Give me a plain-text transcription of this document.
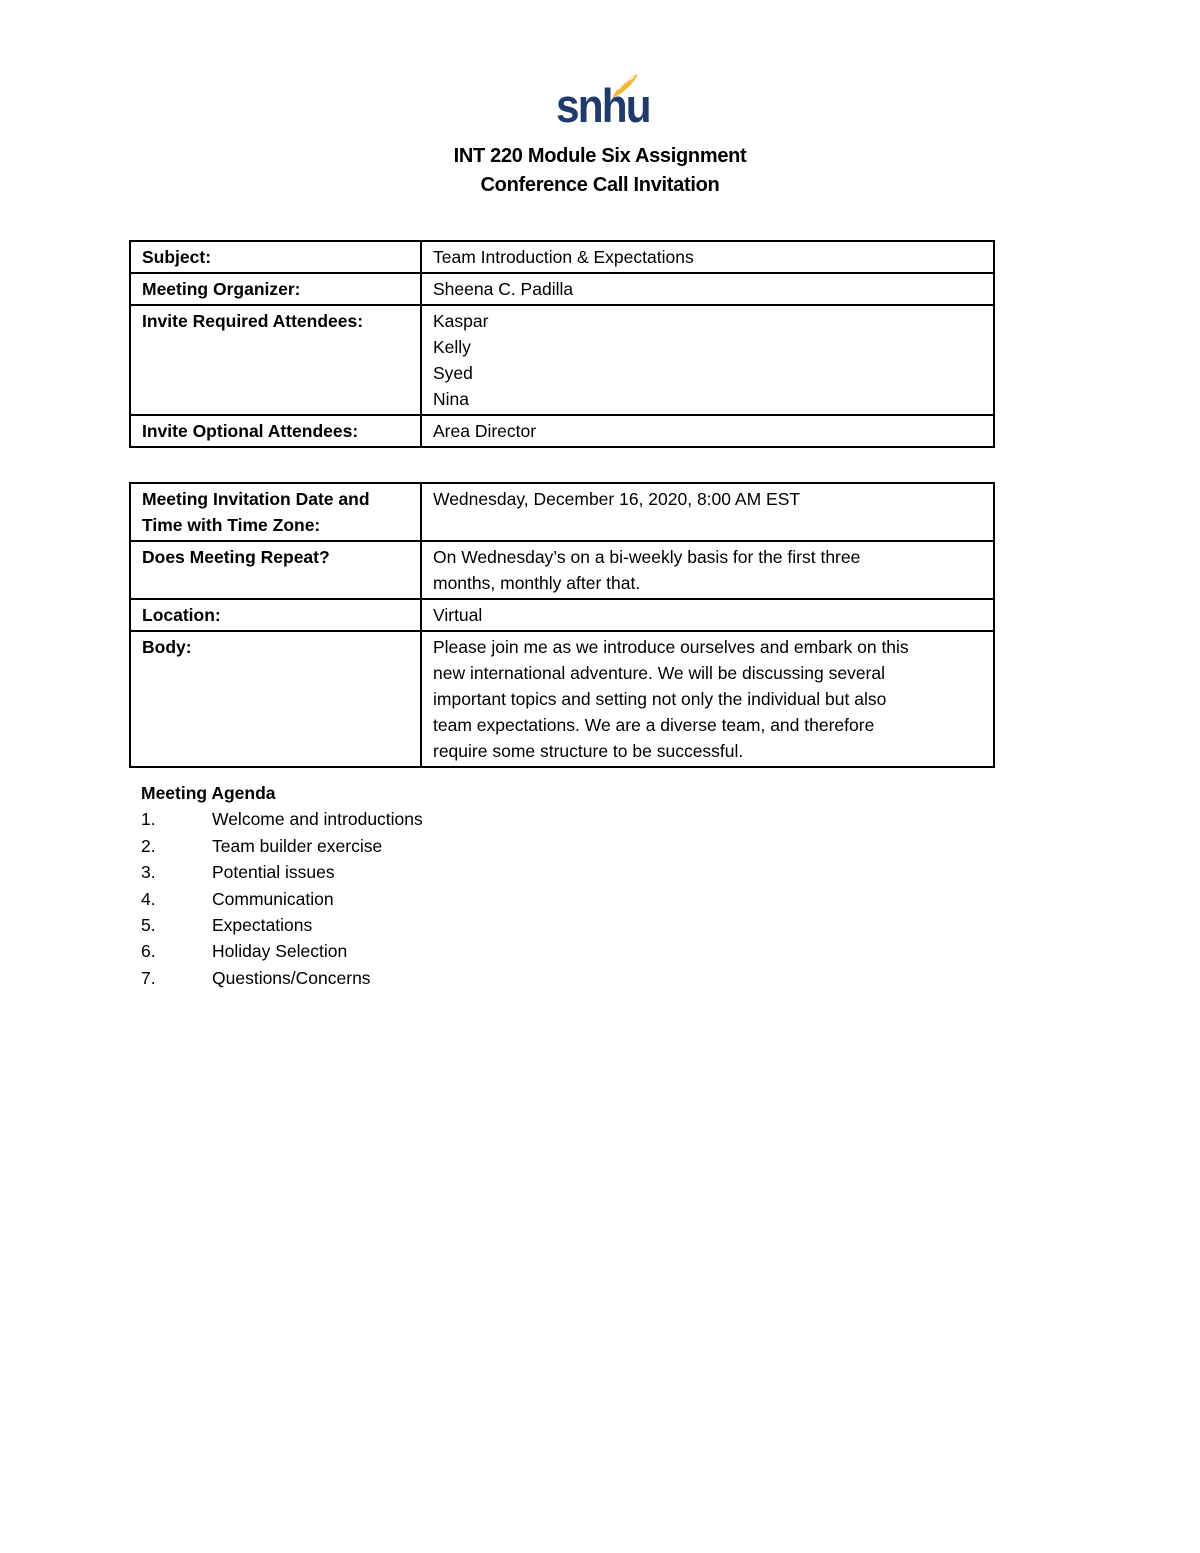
snhu
INT 220 Module Six Assignment
Conference Call Invitation
Subject:	Team Introduction & Expectations

Meeting Organizer:	Sheena C. Padilla

Invite Required Attendees:	Kaspar
Kelly
Syed
Nina

Invite Optional Attendees:	Area Director
Meeting Invitation Date and
Time with Time Zone:	Wednesday, December 16, 2020, 8:00 AM EST

Does Meeting Repeat?	On Wednesday’s on a bi-weekly basis for the first three
months, monthly after that.

Location:	Virtual

Body:	Please join me as we introduce ourselves and embark on this
new international adventure. We will be discussing several
important topics and setting not only the individual but also
team expectations. We are a diverse team, and therefore
require some structure to be successful.
Meeting Agenda
1.	Welcome and introductions
2.	Team builder exercise
3.	Potential issues
4.	Communication
5.	Expectations
6.	Holiday Selection
7.	Questions/Concerns
